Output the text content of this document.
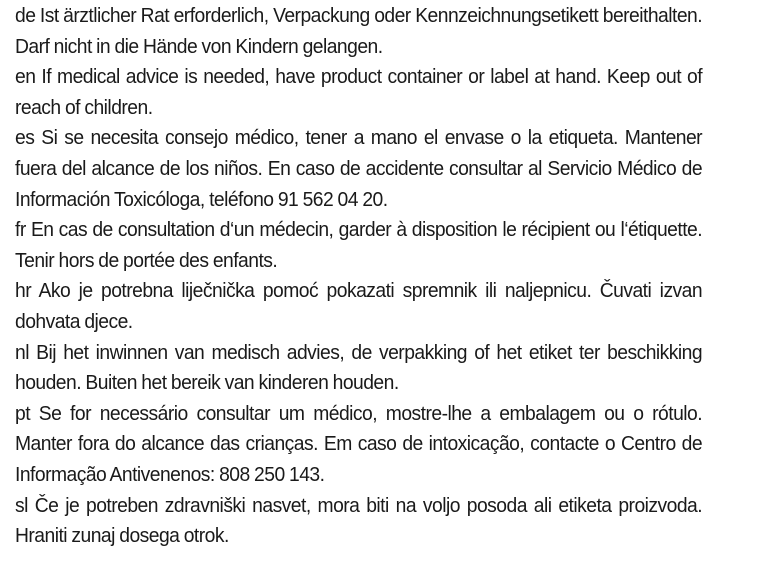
de Ist ärztlicher Rat erforderlich, Verpackung oder Kennzeichnungsetikett bereithalten. Darf nicht in die Hände von Kindern gelangen.

en If medical advice is needed, have product container or label at hand. Keep out of reach of children.

es Si se necesita consejo médico, tener a mano el envase o la etiqueta. Mantener fuera del alcance de los niños. En caso de accidente consultar al Servicio Médico de Información Toxicóloga, teléfono 91 562 04 20.

fr En cas de consultation d‘un médecin, garder à disposition le récipient ou l‘étiquette. Tenir hors de portée des enfants.

hr Ako je potrebna liječnička pomoć pokazati spremnik ili naljepnicu. Čuvati izvan dohvata djece.

nl Bij het inwinnen van medisch advies, de verpakking of het etiket ter beschikking houden. Buiten het bereik van kinderen houden.

pt Se for necessário consultar um médico, mostre-lhe a embalagem ou o rótulo. Manter fora do alcance das crianças. Em caso de intoxicação, contacte o Centro de Informação Antivenenos: 808 250 143.

sl Če je potreben zdravniški nasvet, mora biti na voljo posoda ali etiketa proizvoda. Hraniti zunaj dosega otrok.
